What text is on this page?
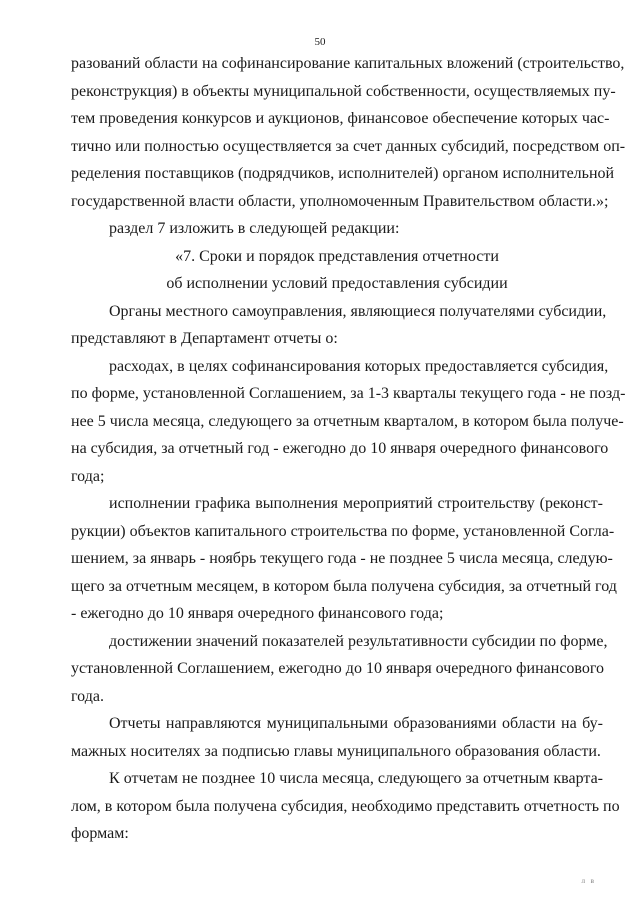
50
разований области на софинансирование капитальных вложений (строительство,
реконструкция) в объекты муниципальной собственности, осуществляемых пу-
тем проведения конкурсов и аукционов, финансовое обеспечение которых час-
тично или полностью осуществляется за счет данных субсидий, посредством оп-
ределения поставщиков (подрядчиков, исполнителей) органом исполнительной
государственной власти области, уполномоченным Правительством области.»;
раздел 7 изложить в следующей редакции:
«7. Сроки и порядок представления отчетности
об исполнении условий предоставления субсидии
Органы местного самоуправления, являющиеся получателями субсидии,
представляют в Департамент отчеты о:
расходах, в целях софинансирования которых предоставляется субсидия,
по форме, установленной Соглашением, за 1-3 кварталы текущего года - не позд-
нее 5 числа месяца, следующего за отчетным кварталом, в котором была получе-
на субсидия, за отчетный год - ежегодно до 10 января очередного финансового
года;
исполнении графика выполнения мероприятий строительству (реконст-
рукции) объектов капитального строительства по форме, установленной Согла-
шением, за январь - ноябрь текущего года - не позднее 5 числа месяца, следую-
щего за отчетным месяцем, в котором была получена субсидия, за отчетный год
- ежегодно до 10 января очередного финансового года;
достижении значений показателей результативности субсидии по форме,
установленной Соглашением, ежегодно до 10 января очередного финансового
года.
Отчеты направляются муниципальными образованиями области на бу-
мажных носителях за подписью главы муниципального образования области.
К отчетам не позднее 10 числа месяца, следующего за отчетным кварта-
лом, в котором была получена субсидия, необходимо представить отчетность по
формам:
л в
